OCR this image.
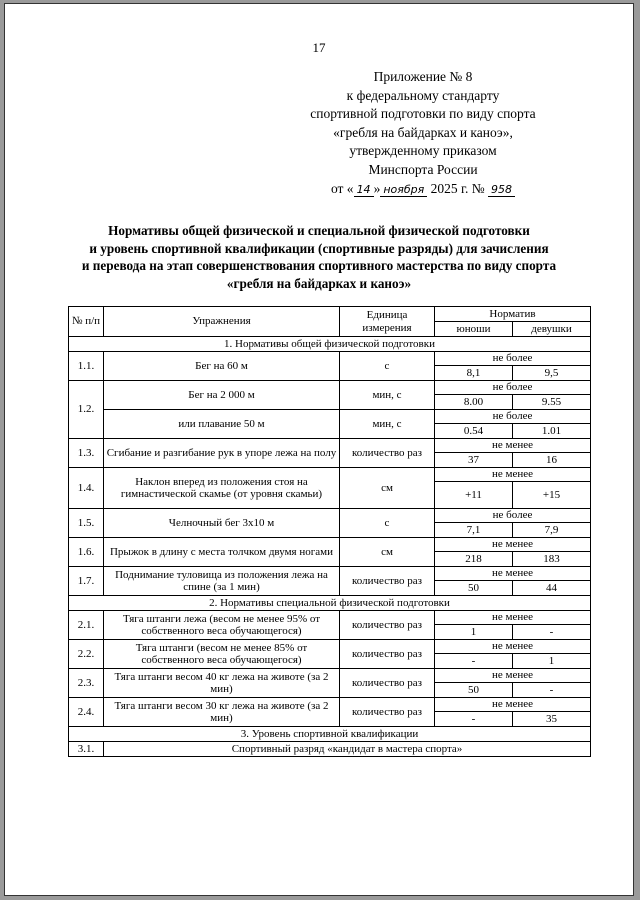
17
Приложение № 8
к федеральному стандарту
спортивной подготовки по виду спорта
«гребля на байдарках и каноэ»,
утвержденному приказом
Минспорта России
от « 14 » ноября 2025 г. № 958
Нормативы общей физической и специальной физической подготовки
и уровень спортивной квалификации (спортивные разряды) для зачисления
и перевода на этап совершенствования спортивного мастерства по виду спорта
«гребля на байдарках и каноэ»
№ п/п	Упражнения	Единица измерения	Норматив	
			юноши	девушки
1. Нормативы общей физической подготовки				
1.1.	Бег на 60 м	с	не более	
			8,1	9,5
1.2.	Бег на 2 000 м	мин, с	не более	
			8.00	9.55
	или плавание 50 м	мин, с	не более	
			0.54	1.01
1.3.	Сгибание и разгибание рук в упоре лежа на полу	количество раз	не менее	
			37	16
1.4.	Наклон вперед из положения стоя на гимнастической скамье (от уровня скамьи)	см	не менее	
			+11	+15
1.5.	Челночный бег 3х10 м	с	не более	
			7,1	7,9
1.6.	Прыжок в длину с места толчком двумя ногами	см	не менее	
			218	183
1.7.	Поднимание туловища из положения лежа на спине (за 1 мин)	количество раз	не менее	
			50	44
2. Нормативы специальной физической подготовки				
2.1.	Тяга штанги лежа (весом не менее 95% от собственного веса обучающегося)	количество раз	не менее	
			1	-
2.2.	Тяга штанги (весом не менее 85% от собственного веса обучающегося)	количество раз	не менее	
			-	1
2.3.	Тяга штанги весом 40 кг лежа на животе (за 2 мин)	количество раз	не менее	
			50	-
2.4.	Тяга штанги весом 30 кг лежа на животе (за 2 мин)	количество раз	не менее	
			-	35
3. Уровень спортивной квалификации				
3.1.	Спортивный разряд «кандидат в мастера спорта»			
